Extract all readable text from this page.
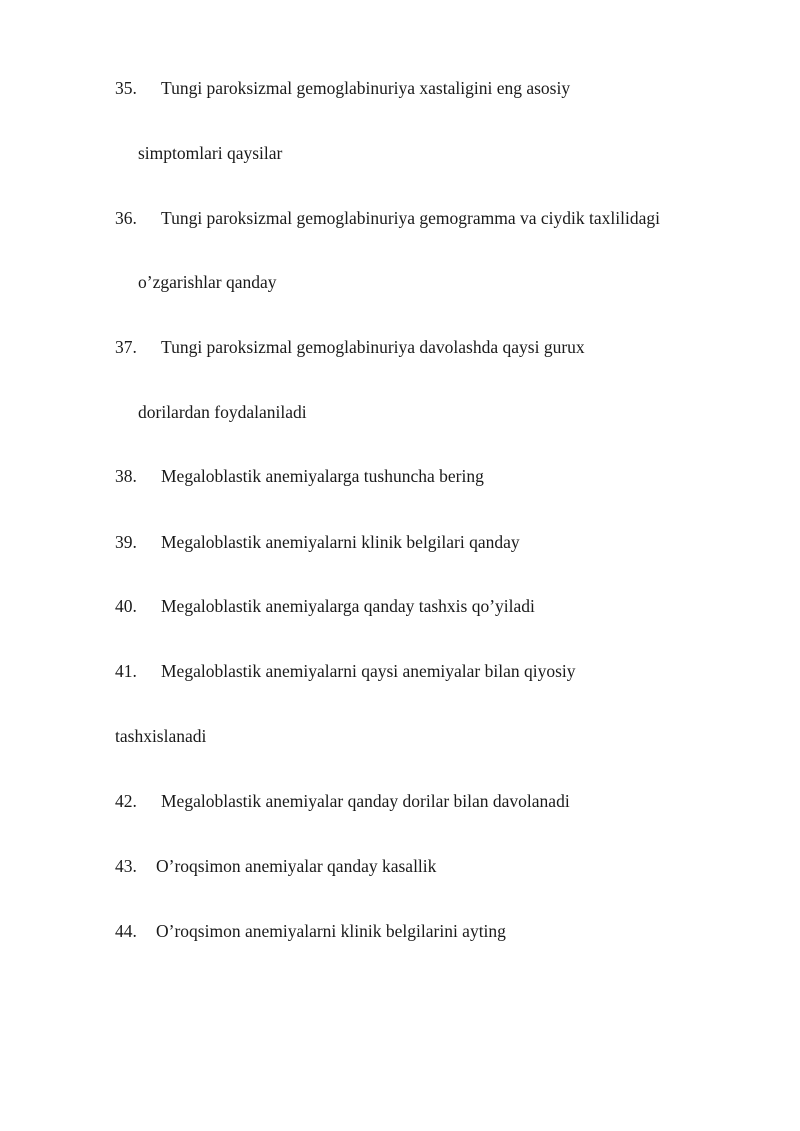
35. Tungi paroksizmal gemoglabinuriya xastaligini eng asosiy
simptomlari qaysilar
36. Tungi paroksizmal gemoglabinuriya gemogramma va ciydik taxlilidagi
o’zgarishlar qanday
37. Tungi paroksizmal gemoglabinuriya davolashda qaysi gurux
dorilardan foydalaniladi
38. Megaloblastik anemiyalarga tushuncha bering
39. Megaloblastik anemiyalarni klinik belgilari qanday
40. Megaloblastik anemiyalarga qanday tashxis qo’yiladi
41. Megaloblastik anemiyalarni qaysi anemiyalar bilan qiyosiy
tashxislanadi
42. Megaloblastik anemiyalar qanday dorilar bilan davolanadi
43. O’roqsimon anemiyalar qanday kasallik
44. O’roqsimon anemiyalarni klinik belgilarini ayting
